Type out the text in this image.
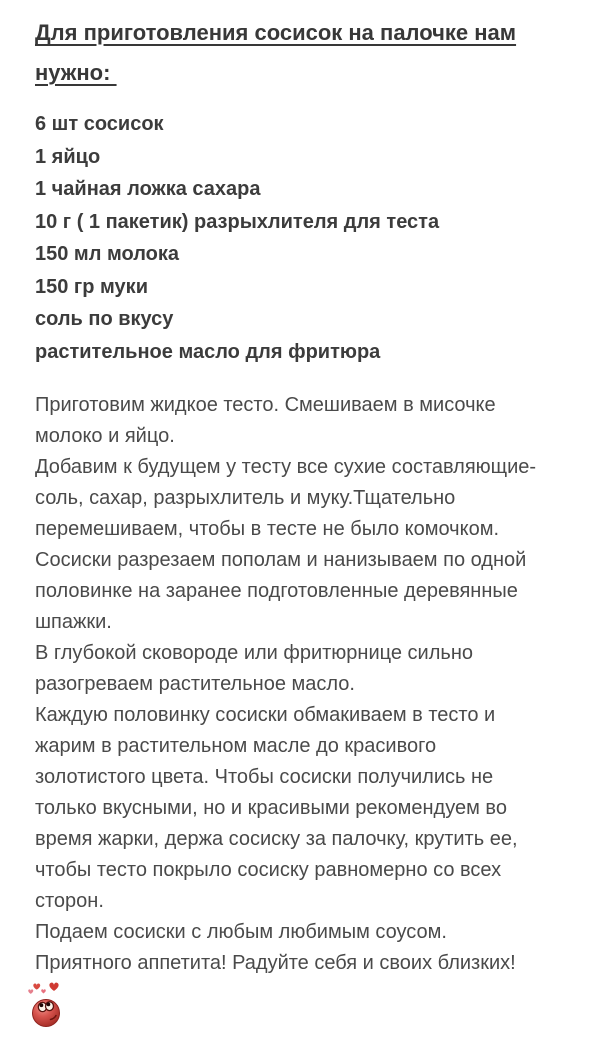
Для приготовления сосисок на палочке нам нужно:
6 шт сосисок
1 яйцо
1 чайная ложка сахара
10 г ( 1 пакетик) разрыхлителя для теста
150 мл молока
150 гр муки
соль по вкусу
растительное масло для фритюра
Приготовим жидкое тесто. Смешиваем в мисочке
молоко и яйцо.
Добавим к будущем у тесту все сухие составляющие-
соль, сахар, разрыхлитель и муку.Тщательно
перемешиваем, чтобы в тесте не было комочком.
Сосиски разрезаем пополам и нанизываем по одной
половинке на заранее подготовленные деревянные
шпажки.
В глубокой сковороде или фритюрнице сильно
разогреваем растительное масло.
Каждую половинку сосиски обмакиваем в тесто и
жарим в растительном масле до красивого
золотистого цвета. Чтобы сосиски получились не
только вкусными, но и красивыми рекомендуем во
время жарки, держа сосиску за палочку, крутить ее,
чтобы тесто покрыло сосиску равномерно со всех
сторон.
Подаем сосиски с любым любимым соусом.
Приятного аппетита! Радуйте себя и своих близких!
